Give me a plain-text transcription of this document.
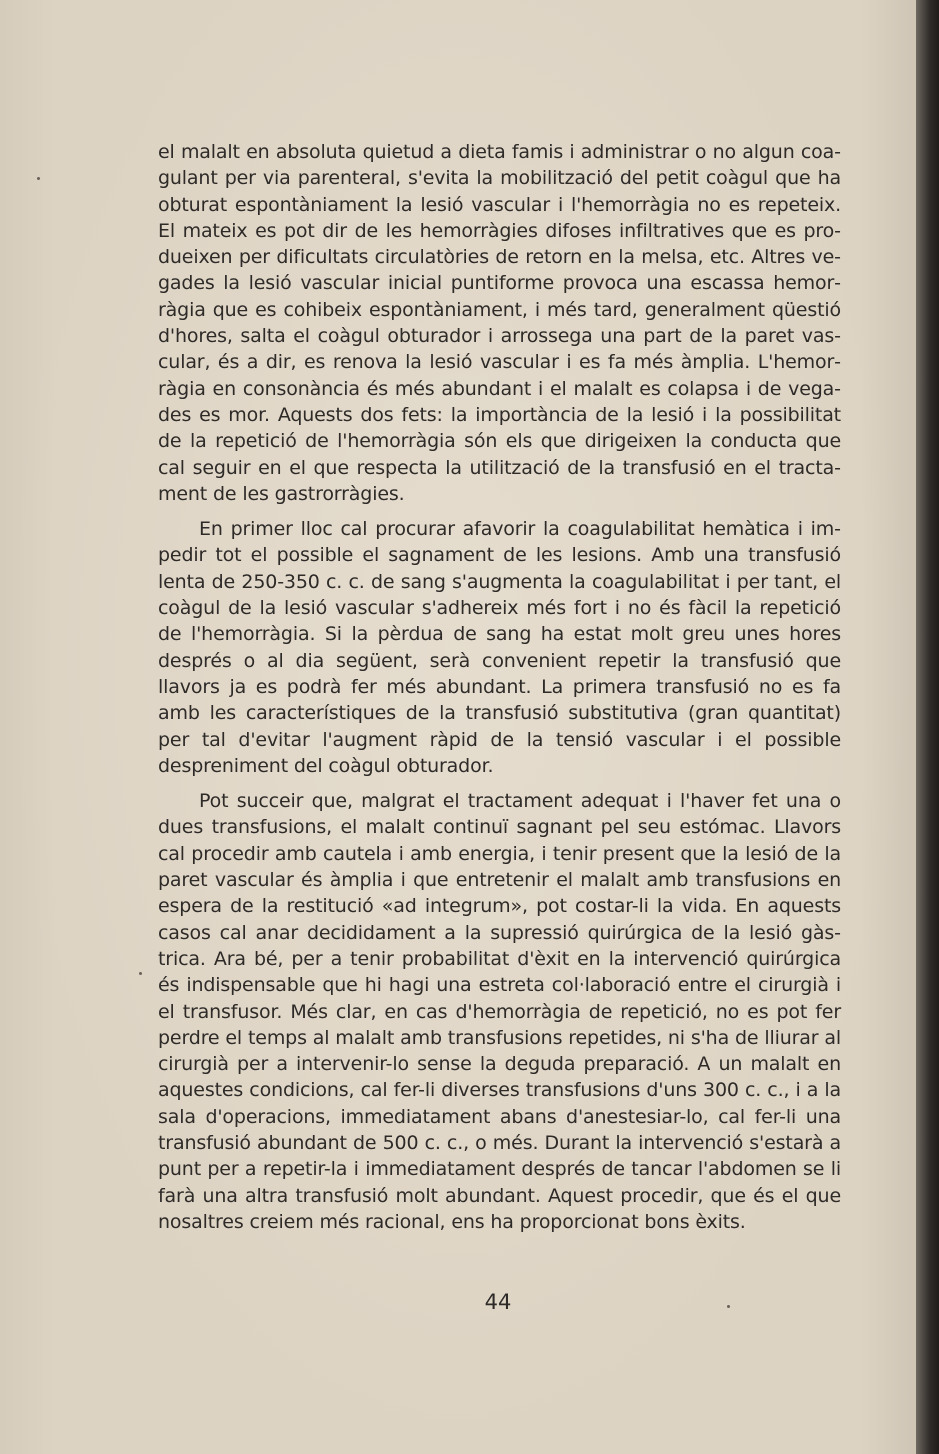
el malalt en absoluta quietud a dieta famis i administrar o no algun coagulant per via parenteral, s'evita la mobilització del petit coàgul que ha obturat espontàniament la lesió vascular i l'hemorràgia no es repeteix. El mateix es pot dir de les hemorràgies difoses infiltratives que es produeixen per dificultats circulatòries de retorn en la melsa, etc. Altres vegades la lesió vascular inicial puntiforme provoca una escassa hemorràgia que es cohibeix espontàniament, i més tard, generalment qüestió d'hores, salta el coàgul obturador i arrossega una part de la paret vascular, és a dir, es renova la lesió vascular i es fa més àmplia. L'hemorràgia en consonància és més abundant i el malalt es colapsa i de vegades es mor. Aquests dos fets: la importància de la lesió i la possibilitat de la repetició de l'hemorràgia són els que dirigeixen la conducta que cal seguir en el que respecta la utilització de la transfusió en el tractament de les gastrorràgies.

En primer lloc cal procurar afavorir la coagulabilitat hemàtica i impedir tot el possible el sagnament de les lesions. Amb una transfusió lenta de 250-350 c. c. de sang s'augmenta la coagulabilitat i per tant, el coàgul de la lesió vascular s'adhereix més fort i no és fàcil la repetició de l'hemorràgia. Si la pèrdua de sang ha estat molt greu unes hores després o al dia següent, serà convenient repetir la transfusió que llavors ja es podrà fer més abundant. La primera transfusió no es fa amb les característiques de la transfusió substitutiva (gran quantitat) per tal d'evitar l'augment ràpid de la tensió vascular i el possible despreniment del coàgul obturador.

Pot succeir que, malgrat el tractament adequat i l'haver fet una o dues transfusions, el malalt continuï sagnant pel seu estómac. Llavors cal procedir amb cautela i amb energia, i tenir present que la lesió de la paret vascular és àmplia i que entretenir el malalt amb transfusions en espera de la restitució «ad integrum», pot costar-li la vida. En aquests casos cal anar decididament a la supressió quirúrgica de la lesió gàstrica. Ara bé, per a tenir probabilitat d'èxit en la intervenció quirúrgica és indispensable que hi hagi una estreta col·laboració entre el cirurgià i el transfusor. Més clar, en cas d'hemorràgia de repetició, no es pot fer perdre el temps al malalt amb transfusions repetides, ni s'ha de lliurar al cirurgià per a intervenir-lo sense la deguda preparació. A un malalt en aquestes condicions, cal fer-li diverses transfusions d'uns 300 c. c., i a la sala d'operacions, immediatament abans d'anestesiar-lo, cal fer-li una transfusió abundant de 500 c. c., o més. Durant la intervenció s'estarà a punt per a repetir-la i immediatament després de tancar l'abdomen se li farà una altra transfusió molt abundant. Aquest procedir, que és el que nosaltres creiem més racional, ens ha proporcionat bons èxits.

44
